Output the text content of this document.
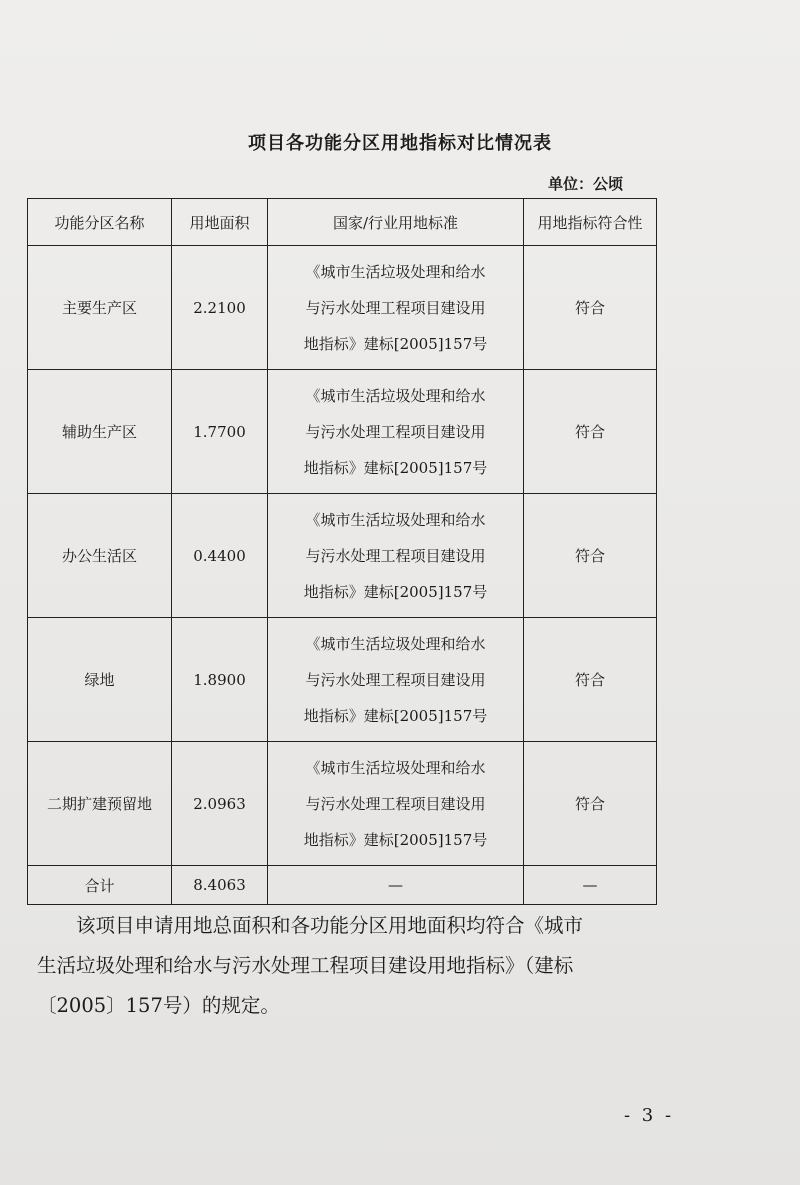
项目各功能分区用地指标对比情况表
单位：公顷
功能分区名称	用地面积	国家/行业用地标准	用地指标符合性
主要生产区	2.2100	《城市生活垃圾处理和给水
与污水处理工程项目建设用
地指标》建标[2005]157号	符合
辅助生产区	1.7700	《城市生活垃圾处理和给水
与污水处理工程项目建设用
地指标》建标[2005]157号	符合
办公生活区	0.4400	《城市生活垃圾处理和给水
与污水处理工程项目建设用
地指标》建标[2005]157号	符合
绿地	1.8900	《城市生活垃圾处理和给水
与污水处理工程项目建设用
地指标》建标[2005]157号	符合
二期扩建预留地	2.0963	《城市生活垃圾处理和给水
与污水处理工程项目建设用
地指标》建标[2005]157号	符合
合计	8.4063	—	—
该项目申请用地总面积和各功能分区用地面积均符合《城市
生活垃圾处理和给水与污水处理工程项目建设用地指标》（建标
〔2005〕157号）的规定。
- 3 -
